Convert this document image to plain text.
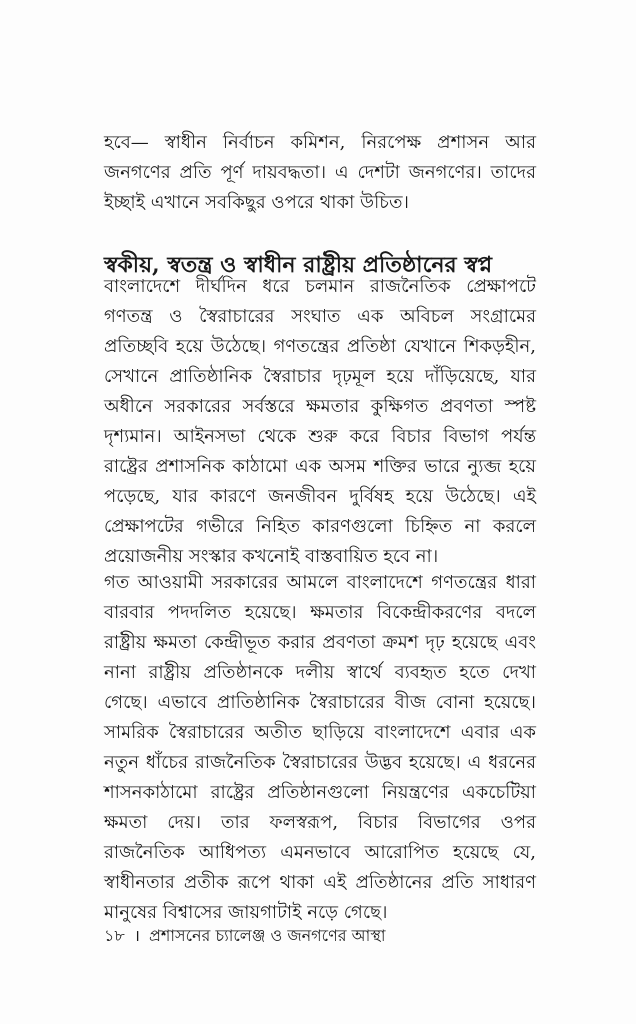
হবে— স্বাধীন নির্বাচন কমিশন, নিরপেক্ষ প্রশাসন আর জনগণের প্রতি পূর্ণ দায়বদ্ধতা। এ দেশটা জনগণের। তাদের ইচ্ছাই এখানে সবকিছুর ওপরে থাকা উচিত।

স্বকীয়, স্বতন্ত্র ও স্বাধীন রাষ্ট্রীয় প্রতিষ্ঠানের স্বপ্ন

বাংলাদেশে দীর্ঘদিন ধরে চলমান রাজনৈতিক প্রেক্ষাপটে গণতন্ত্র ও স্বৈরাচারের সংঘাত এক অবিচল সংগ্রামের প্রতিচ্ছবি হয়ে উঠেছে। গণতন্ত্রের প্রতিষ্ঠা যেখানে শিকড়হীন, সেখানে প্রাতিষ্ঠানিক স্বৈরাচার দৃঢ়মূল হয়ে দাঁড়িয়েছে, যার অধীনে সরকারের সর্বস্তরে ক্ষমতার কুক্ষিগত প্রবণতা স্পষ্ট দৃশ্যমান। আইনসভা থেকে শুরু করে বিচার বিভাগ পর্যন্ত রাষ্ট্রের প্রশাসনিক কাঠামো এক অসম শক্তির ভারে ন্যুব্জ হয়ে পড়েছে, যার কারণে জনজীবন দুর্বিষহ হয়ে উঠেছে। এই প্রেক্ষাপটের গভীরে নিহিত কারণগুলো চিহ্নিত না করলে প্রয়োজনীয় সংস্কার কখনোই বাস্তবায়িত হবে না।

গত আওয়ামী সরকারের আমলে বাংলাদেশে গণতন্ত্রের ধারা বারবার পদদলিত হয়েছে। ক্ষমতার বিকেন্দ্রীকরণের বদলে রাষ্ট্রীয় ক্ষমতা কেন্দ্রীভূত করার প্রবণতা ক্রমশ দৃঢ় হয়েছে এবং নানা রাষ্ট্রীয় প্রতিষ্ঠানকে দলীয় স্বার্থে ব্যবহৃত হতে দেখা গেছে। এভাবে প্রাতিষ্ঠানিক স্বৈরাচারের বীজ বোনা হয়েছে। সামরিক স্বৈরাচারের অতীত ছাড়িয়ে বাংলাদেশে এবার এক নতুন ধাঁচের রাজনৈতিক স্বৈরাচারের উদ্ভব হয়েছে। এ ধরনের শাসনকাঠামো রাষ্ট্রের প্রতিষ্ঠানগুলো নিয়ন্ত্রণের একচেটিয়া ক্ষমতা দেয়। তার ফলস্বরূপ, বিচার বিভাগের ওপর রাজনৈতিক আধিপত্য এমনভাবে আরোপিত হয়েছে যে, স্বাধীনতার প্রতীক রূপে থাকা এই প্রতিষ্ঠানের প্রতি সাধারণ মানুষের বিশ্বাসের জায়গাটাই নড়ে গেছে।

১৮ । প্রশাসনের চ্যালেঞ্জ ও জনগণের আস্থা
